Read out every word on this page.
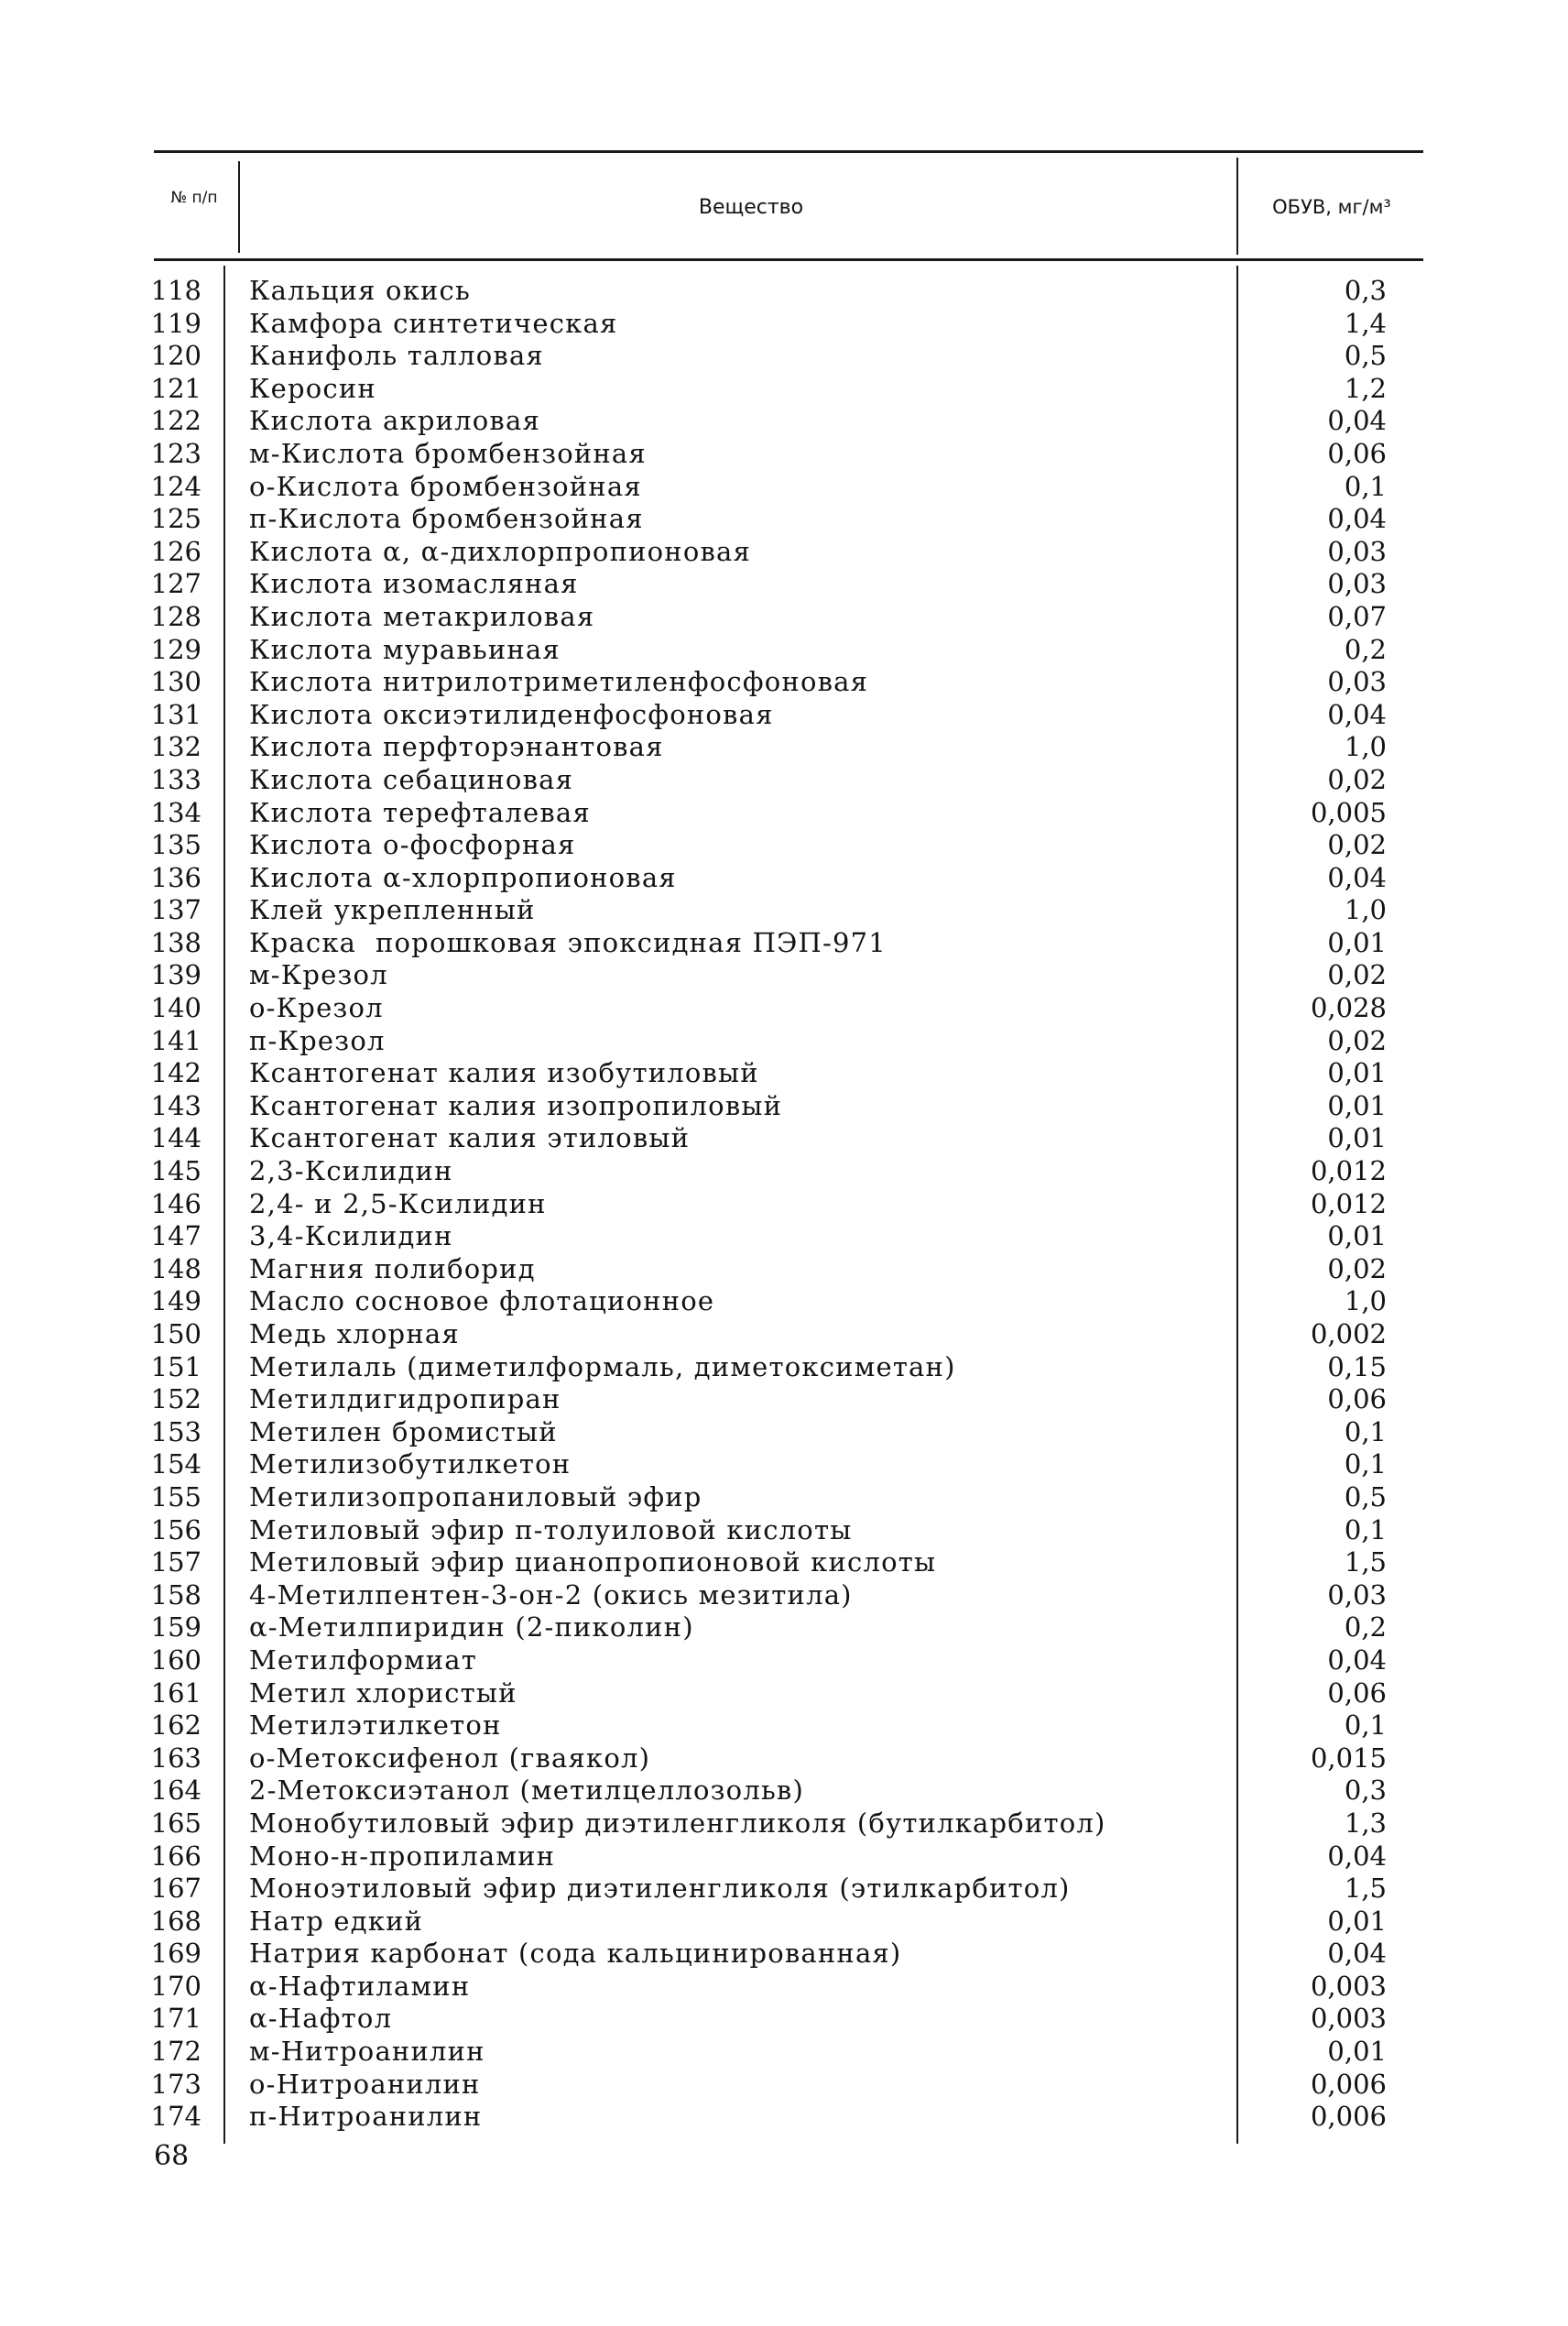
№ п/п	Вещество	ОБУВ, мг/м³
118 Кальция окись	0,3
119 Камфора синтетическая	1,4
120 Канифоль талловая	0,5
121 Керосин	1,2
122 Кислота акриловая	0,04
123 м-Кислота бромбензойная	0,06
124 о-Кислота бромбензойная	0,1
125 п-Кислота бромбензойная	0,04
126 Кислота α, α-дихлорпропионовая	0,03
127 Кислота изомасляная	0,03
128 Кислота метакриловая	0,07
129 Кислота муравьиная	0,2
130 Кислота нитрилотриметиленфосфоновая	0,03
131 Кислота оксиэтилиденфосфоновая	0,04
132 Кислота перфторэнантовая	1,0
133 Кислота себациновая	0,02
134 Кислота терефталевая	0,005
135 Кислота о-фосфорная	0,02
136 Кислота α-хлорпропионовая	0,04
137 Клей укрепленный	1,0
138 Краска  порошковая эпоксидная ПЭП-971	0,01
139 м-Крезол	0,02
140 о-Крезол	0,028
141 п-Крезол	0,02
142 Ксантогенат калия изобутиловый	0,01
143 Ксантогенат калия изопропиловый	0,01
144 Ксантогенат калия этиловый	0,01
145 2,3-Ксилидин	0,012
146 2,4- и 2,5-Ксилидин	0,012
147 3,4-Ксилидин	0,01
148 Магния полиборид	0,02
149 Масло сосновое флотационное	1,0
150 Медь хлорная	0,002
151 Метилаль (диметилформаль, диметоксиметан)	0,15
152 Метилдигидропиран	0,06
153 Метилен бромистый	0,1
154 Метилизобутилкетон	0,1
155 Метилизопропаниловый эфир	0,5
156 Метиловый эфир п-толуиловой кислоты	0,1
157 Метиловый эфир цианопропионовой кислоты	1,5
158 4-Метилпентен-3-он-2 (окись мезитила)	0,03
159 α-Метилпиридин (2-пиколин)	0,2
160 Метилформиат	0,04
161 Метил хлористый	0,06
162 Метилэтилкетон	0,1
163 о-Метоксифенол (гваякол)	0,015
164 2-Метоксиэтанол (метилцеллозольв)	0,3
165 Монобутиловый эфир диэтиленгликоля (бутилкарбитол)	1,3
166 Моно-н-пропиламин	0,04
167 Моноэтиловый эфир диэтиленгликоля (этилкарбитол)	1,5
168 Натр едкий	0,01
169 Натрия карбонат (сода кальцинированная)	0,04
170 α-Нафтиламин	0,003
171 α-Нафтол	0,003
172 м-Нитроанилин	0,01
173 о-Нитроанилин	0,006
174 п-Нитроанилин	0,006
68
